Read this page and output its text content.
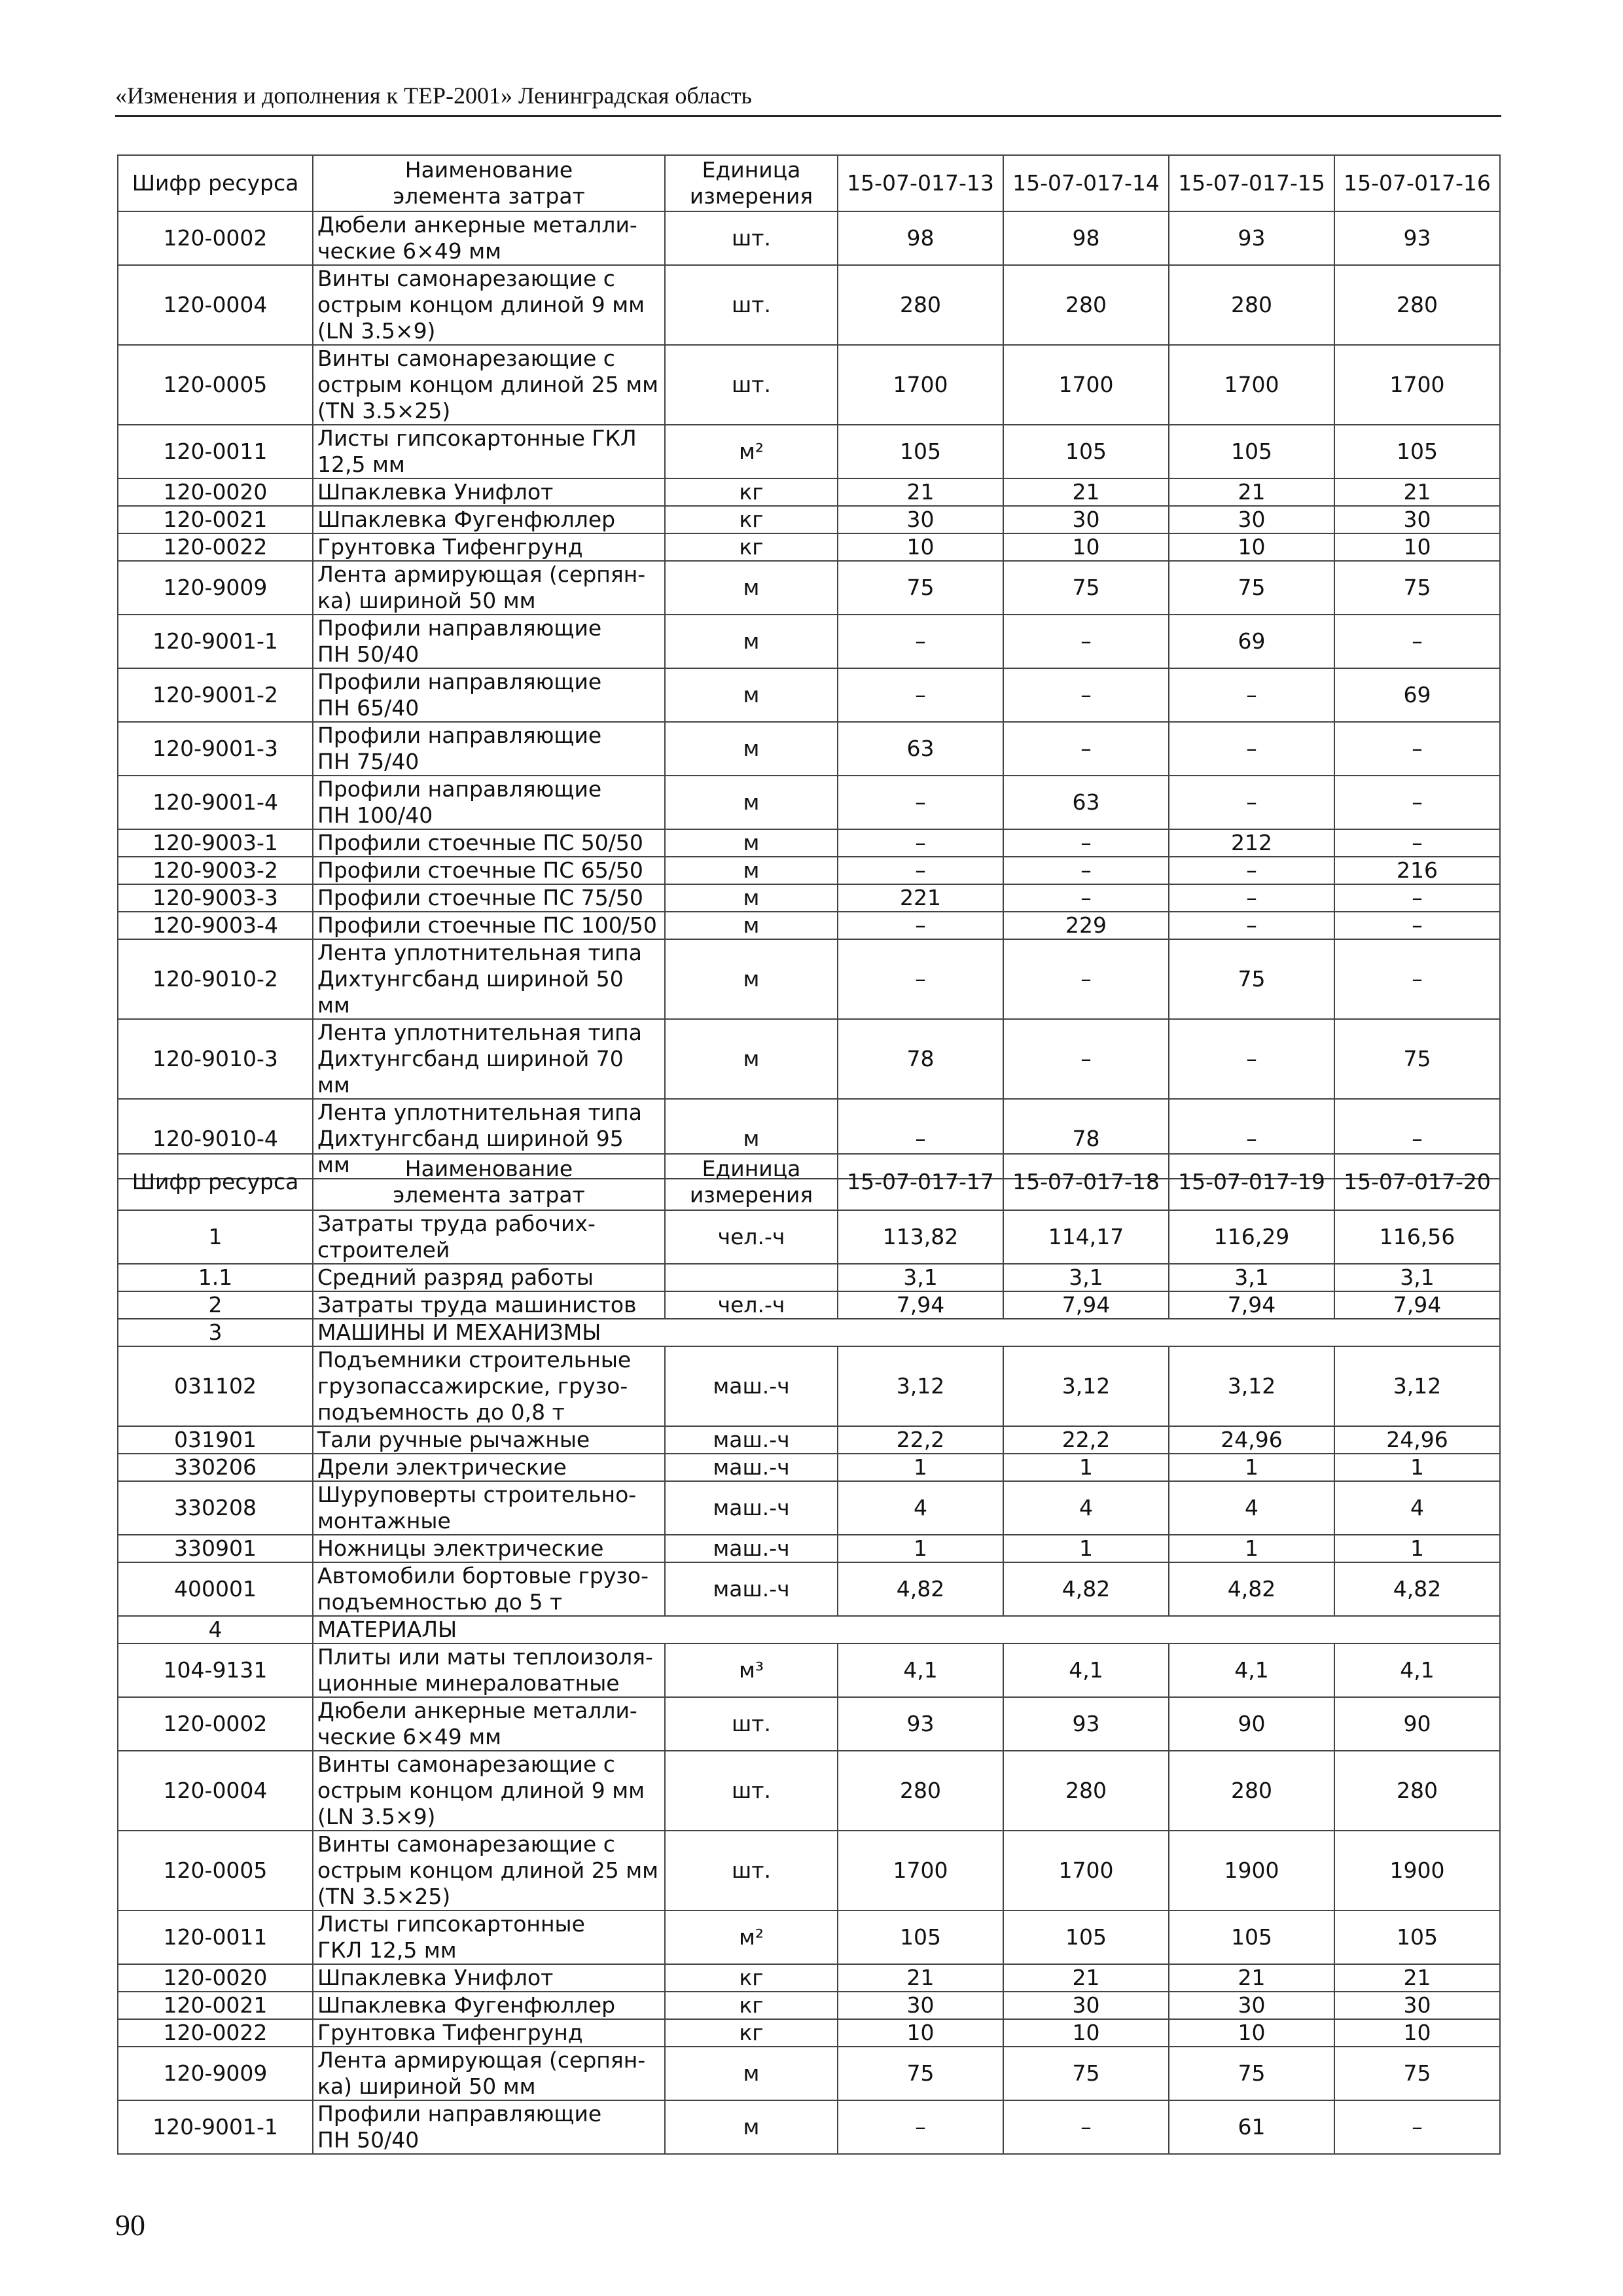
«Изменения и дополнения к ТЕР-2001» Ленинградская область
Шифр ресурса	Наименование
элемента затрат	Единица
измерения	15-07-017-13	15-07-017-14	15-07-017-15	15-07-017-16
120-0002	Дюбели анкерные металли-
ческие 6×49 мм	шт.	98	98	93	93
120-0004	Винты самонарезающие с
острым концом длиной 9 мм
(LN 3.5×9)	шт.	280	280	280	280
120-0005	Винты самонарезающие с
острым концом длиной 25 мм
(TN 3.5×25)	шт.	1700	1700	1700	1700
120-0011	Листы гипсокартонные ГКЛ
12,5 мм	м²	105	105	105	105
120-0020	Шпаклевка Унифлот	кг	21	21	21	21
120-0021	Шпаклевка Фугенфюллер	кг	30	30	30	30
120-0022	Грунтовка Тифенгрунд	кг	10	10	10	10
120-9009	Лента армирующая (серпян-
ка) шириной 50 мм	м	75	75	75	75
120-9001-1	Профили направляющие
ПН 50/40	м	–	–	69	–
120-9001-2	Профили направляющие
ПН 65/40	м	–	–	–	69
120-9001-3	Профили направляющие
ПН 75/40	м	63	–	–	–
120-9001-4	Профили направляющие
ПН 100/40	м	–	63	–	–
120-9003-1	Профили стоечные ПС 50/50	м	–	–	212	–
120-9003-2	Профили стоечные ПС 65/50	м	–	–	–	216
120-9003-3	Профили стоечные ПС 75/50	м	221	–	–	–
120-9003-4	Профили стоечные ПС 100/50	м	–	229	–	–
120-9010-2	Лента уплотнительная типа
Дихтунгсбанд шириной 50 мм	м	–	–	75	–
120-9010-3	Лента уплотнительная типа
Дихтунгсбанд шириной 70 мм	м	78	–	–	75
120-9010-4	Лента уплотнительная типа
Дихтунгсбанд шириной 95 мм	м	–	78	–	–
Шифр ресурса	Наименование
элемента затрат	Единица
измерения	15-07-017-17	15-07-017-18	15-07-017-19	15-07-017-20
1	Затраты труда рабочих-
строителей	чел.-ч	113,82	114,17	116,29	116,56
1.1	Средний разряд работы		3,1	3,1	3,1	3,1
2	Затраты труда машинистов	чел.-ч	7,94	7,94	7,94	7,94
3	МАШИНЫ И МЕХАНИЗМЫ					
031102	Подъемники строительные
грузопассажирские, грузо-
подъемность до 0,8 т	маш.-ч	3,12	3,12	3,12	3,12
031901	Тали ручные рычажные	маш.-ч	22,2	22,2	24,96	24,96
330206	Дрели электрические	маш.-ч	1	1	1	1
330208	Шуруповерты строительно-
монтажные	маш.-ч	4	4	4	4
330901	Ножницы электрические	маш.-ч	1	1	1	1
400001	Автомобили бортовые грузо-
подъемностью до 5 т	маш.-ч	4,82	4,82	4,82	4,82
4	МАТЕРИАЛЫ					
104-9131	Плиты или маты теплоизоля-
ционные минераловатные	м³	4,1	4,1	4,1	4,1
120-0002	Дюбели анкерные металли-
ческие 6×49 мм	шт.	93	93	90	90
120-0004	Винты самонарезающие с
острым концом длиной 9 мм
(LN 3.5×9)	шт.	280	280	280	280
120-0005	Винты самонарезающие с
острым концом длиной 25 мм
(TN 3.5×25)	шт.	1700	1700	1900	1900
120-0011	Листы гипсокартонные
ГКЛ 12,5 мм	м²	105	105	105	105
120-0020	Шпаклевка Унифлот	кг	21	21	21	21
120-0021	Шпаклевка Фугенфюллер	кг	30	30	30	30
120-0022	Грунтовка Тифенгрунд	кг	10	10	10	10
120-9009	Лента армирующая (серпян-
ка) шириной 50 мм	м	75	75	75	75
120-9001-1	Профили направляющие
ПН 50/40	м	–	–	61	–
90
